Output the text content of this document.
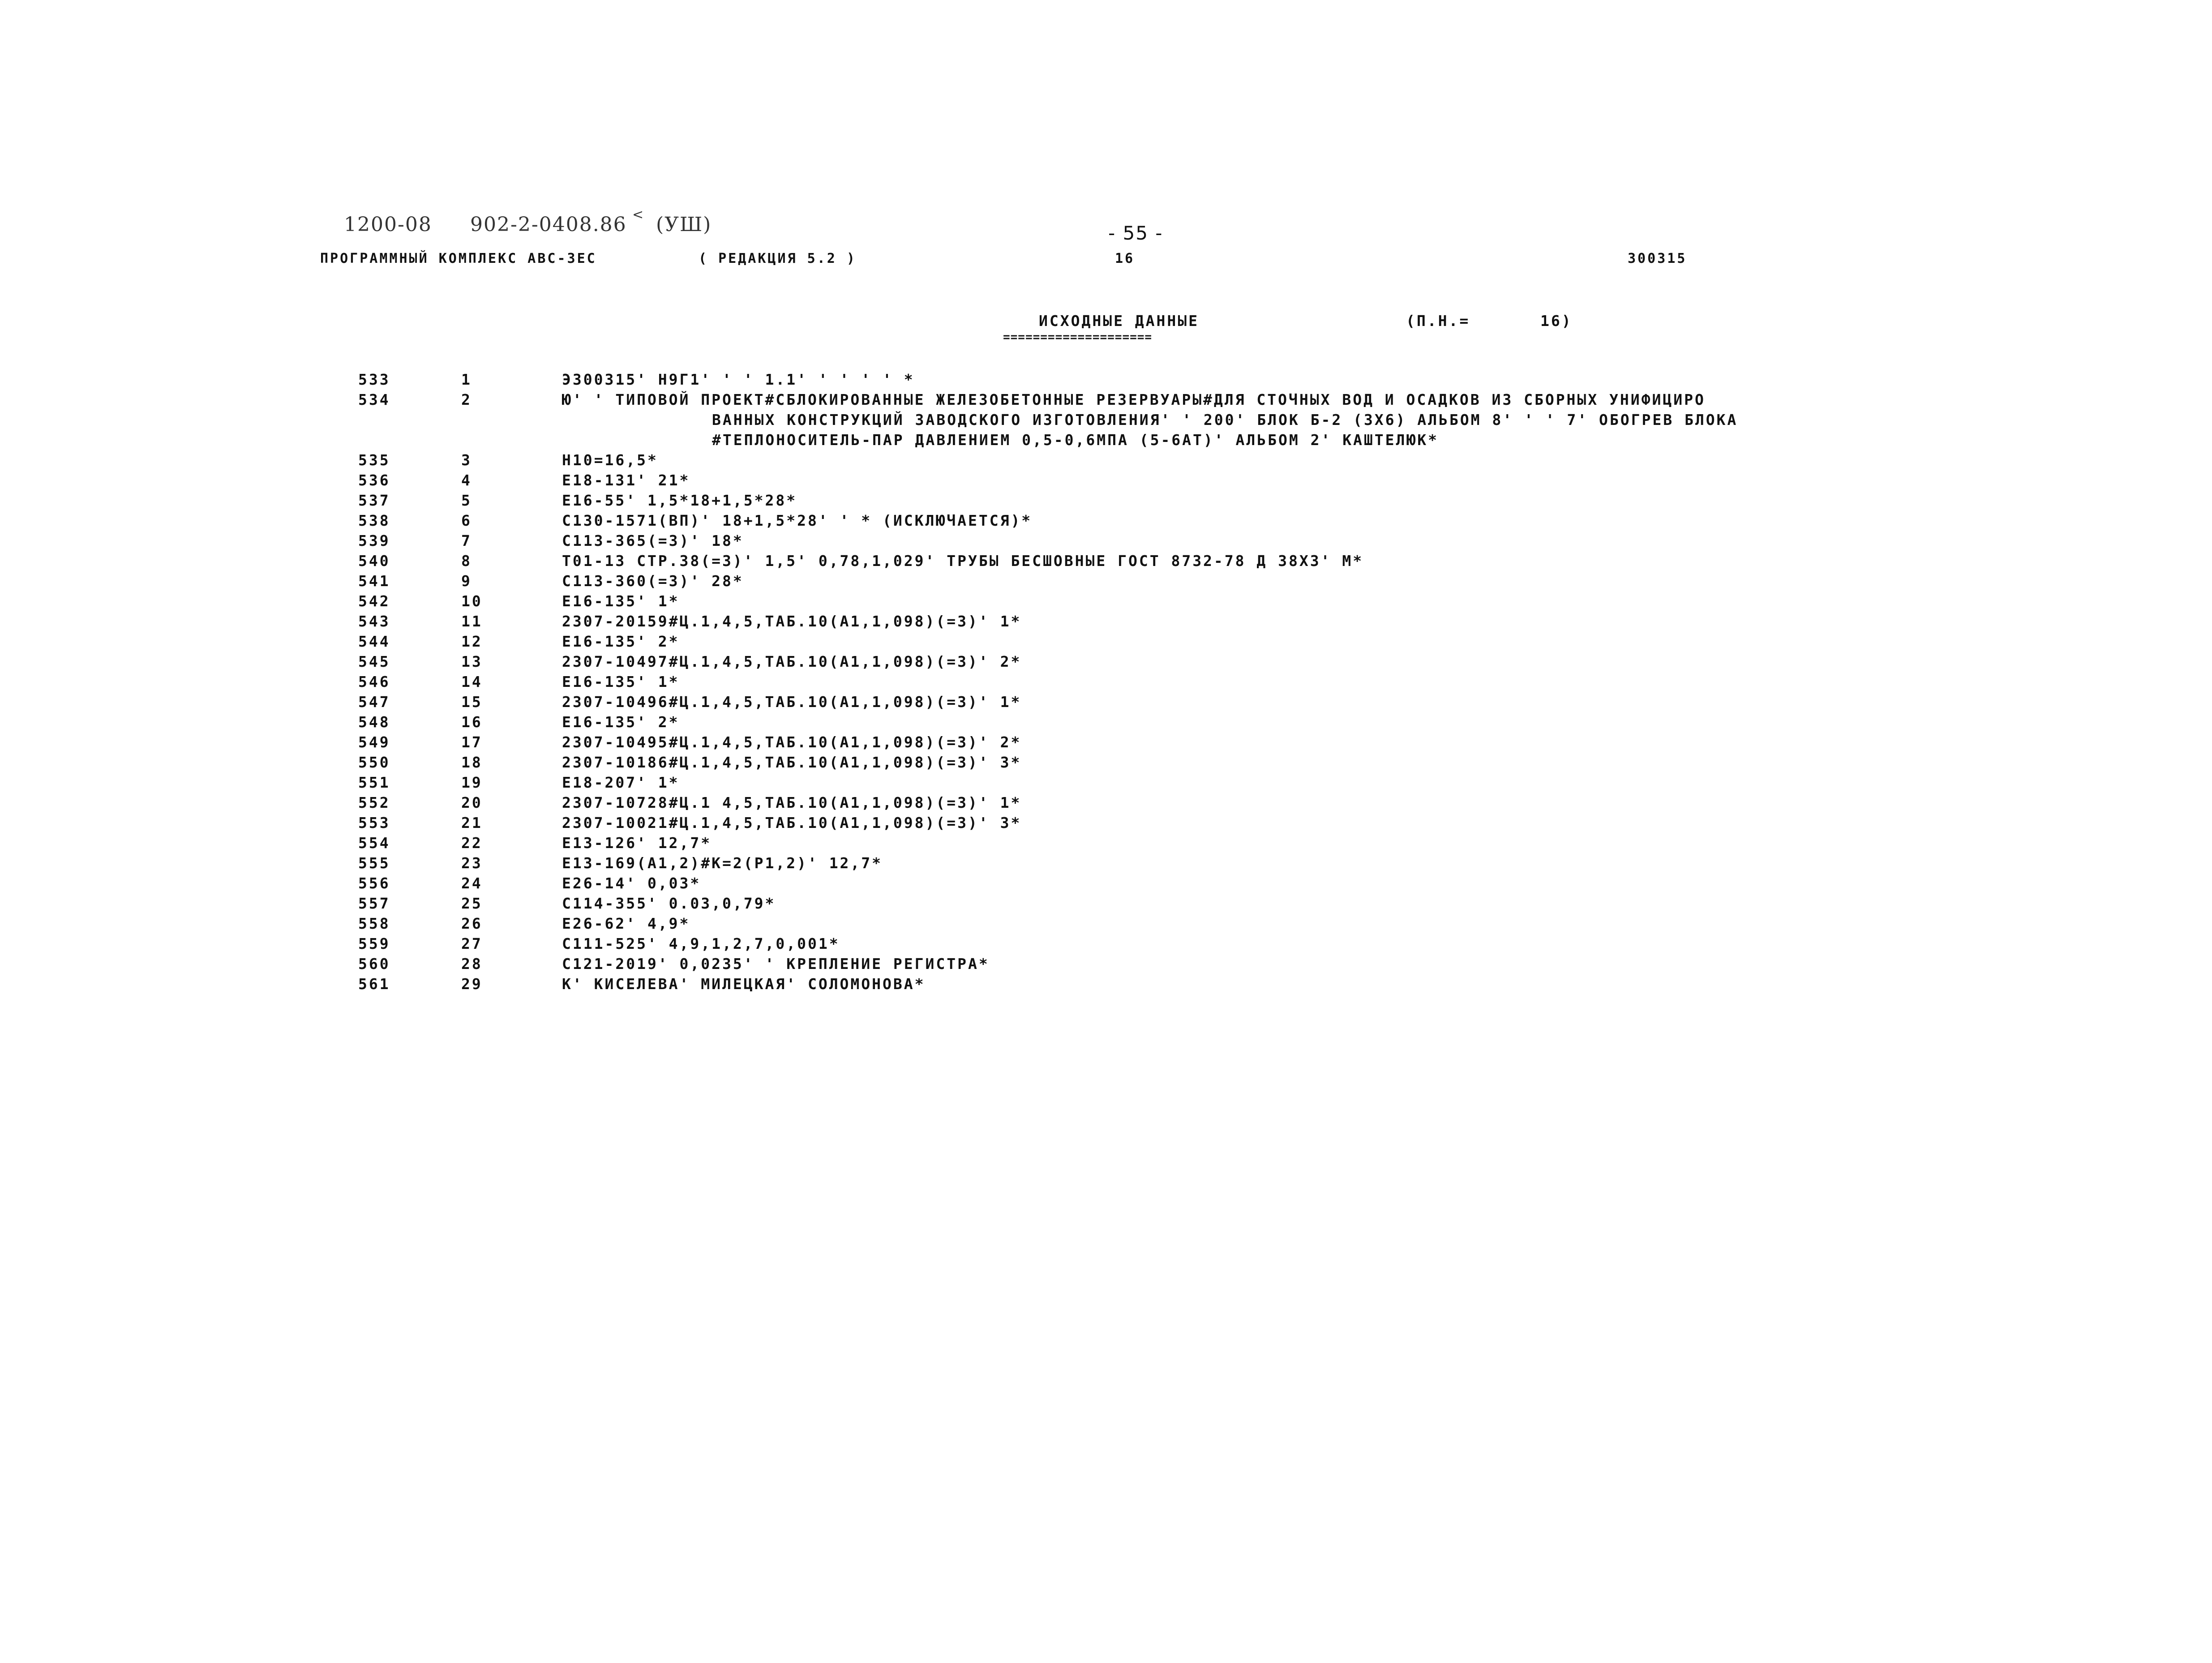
1200-08 902-2-0408.86 < (УШ)	- 55 -
ПРОГРАММНЫЙ КОМПЛЕКС АВС-ЗЕС	( РЕДАКЦИЯ 5.2 )	16	300315
ИСХОДНЫЕ ДАННЫЕ
====================
(П.Н.=	16)
533	1	Э300315' Н9Г1' ' ' 1.1' ' ' ' ' *
534	2	Ю' ' ТИПОВОЙ ПРОЕКТ#СБЛОКИРОВАННЫЕ ЖЕЛЕЗОБЕТОННЫЕ РЕЗЕРВУАРЫ#ДЛЯ СТОЧНЫХ ВОД И ОСАДКОВ ИЗ СБОРНЫХ УНИФИЦИРО
ВАННЫХ КОНСТРУКЦИЙ ЗАВОДСКОГО ИЗГОТОВЛЕНИЯ' ' 200' БЛОК Б-2 (3Х6) АЛЬБОМ 8' ' ' 7' ОБОГРЕВ БЛОКА
#ТЕПЛОНОСИТЕЛЬ-ПАР ДАВЛЕНИЕМ 0,5-0,6МПА (5-6АТ)' АЛЬБОМ 2' КАШТЕЛЮК*
535	3	Н10=16,5*
536	4	Е18-131' 21*
537	5	Е16-55' 1,5*18+1,5*28*
538	6	С130-1571(ВП)' 18+1,5*28' ' * (ИСКЛЮЧАЕТСЯ)*
539	7	С113-365(=3)' 18*
540	8	Т01-13 СТР.38(=3)' 1,5' 0,78,1,029' ТРУБЫ БЕСШОВНЫЕ ГОСТ 8732-78 Д 38Х3' М*
541	9	С113-360(=3)' 28*
542	10	Е16-135' 1*
543	11	2307-20159#Ц.1,4,5,ТАБ.10(А1,1,098)(=3)' 1*
544	12	Е16-135' 2*
545	13	2307-10497#Ц.1,4,5,ТАБ.10(А1,1,098)(=3)' 2*
546	14	Е16-135' 1*
547	15	2307-10496#Ц.1,4,5,ТАБ.10(А1,1,098)(=3)' 1*
548	16	Е16-135' 2*
549	17	2307-10495#Ц.1,4,5,ТАБ.10(А1,1,098)(=3)' 2*
550	18	2307-10186#Ц.1,4,5,ТАБ.10(А1,1,098)(=3)' 3*
551	19	Е18-207' 1*
552	20	2307-10728#Ц.1 4,5,ТАБ.10(А1,1,098)(=3)' 1*
553	21	2307-10021#Ц.1,4,5,ТАБ.10(А1,1,098)(=3)' 3*
554	22	Е13-126' 12,7*
555	23	Е13-169(А1,2)#К=2(Р1,2)' 12,7*
556	24	Е26-14' 0,03*
557	25	С114-355' 0.03,0,79*
558	26	Е26-62' 4,9*
559	27	С111-525' 4,9,1,2,7,0,001*
560	28	С121-2019' 0,0235' ' КРЕПЛЕНИЕ РЕГИСТРА*
561	29	К' КИСЕЛЕВА' МИЛЕЦКАЯ' СОЛОМОНОВА*
